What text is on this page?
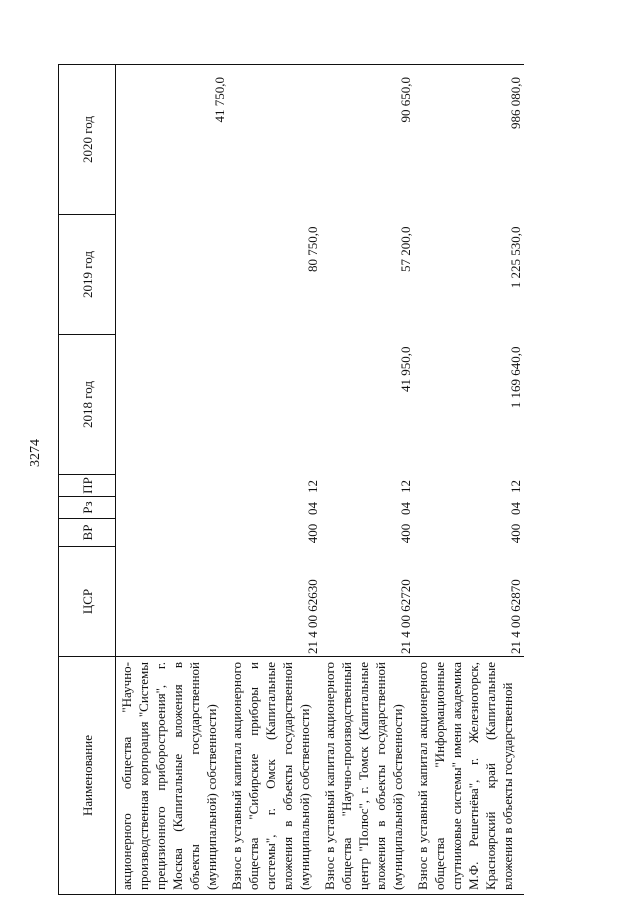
3274
Наименование	ЦСР	ВР	Рз	ПР	2018 год	2019 год	2020 год
акционерного общества "Научно-производственная корпорация "Системы прецизионного приборостроения", г. Москва (Капитальные вложения в объекты государственной (муниципальной) собственности)							41 750,0
Взнос в уставный капитал акционерного общества "Сибирские приборы и системы", г. Омск (Капитальные вложения в объекты государственной (муниципальной) собственности)	21 4 00 62630	400	04	12		80 750,0	
Взнос в уставный капитал акционерного общества "Научно-производственный центр "Полюс", г. Томск (Капитальные вложения в объекты государственной (муниципальной) собственности)	21 4 00 62720	400	04	12	41 950,0	57 200,0	90 650,0
Взнос в уставный капитал акционерного общества "Информационные спутниковые системы" имени академика М.Ф. Решетнёва", г. Железногорск, Красноярский край (Капитальные вложения в объекты государственной	21 4 00 62870	400	04	12	1 169 640,0	1 225 530,0	986 080,0
